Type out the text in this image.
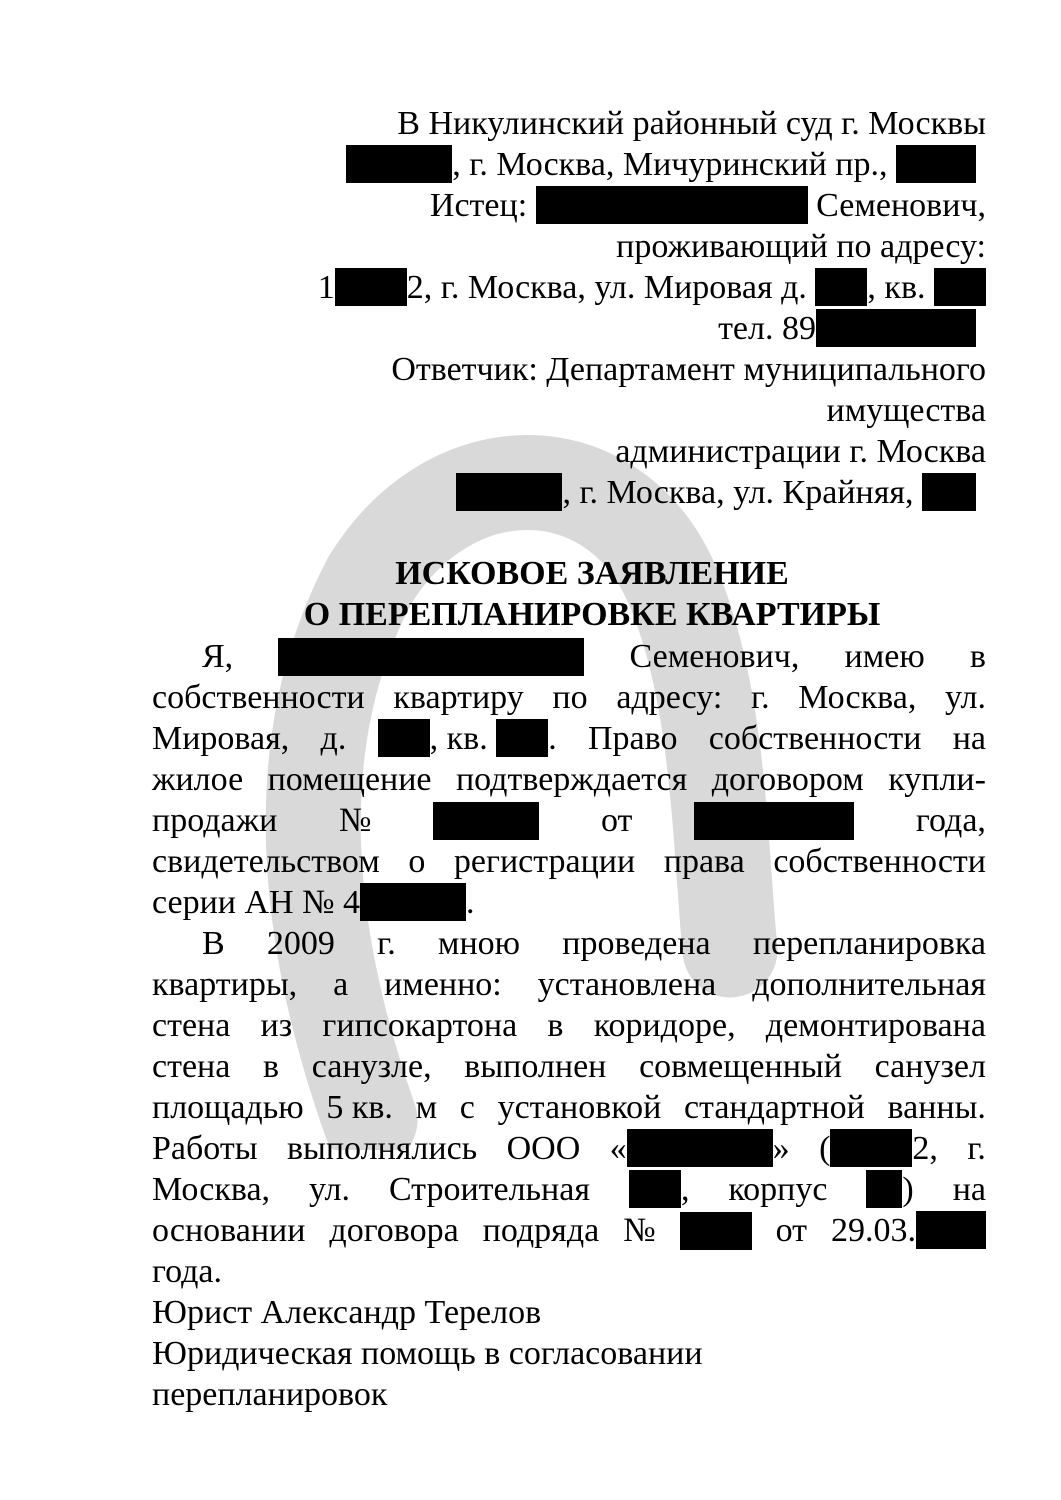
В Никулинский районный суд г. Москвы
, г. Москва, Мичуринский пр.,
Истец:	Семенович,
проживающий по адресу:
1 2, г. Москва, ул. Мировая д. , кв.
тел. 89
Ответчик: Департамент муниципального
имущества
администрации г. Москва
, г. Москва, ул. Крайняя,
ИСКОВОЕ ЗАЯВЛЕНИЕ
О ПЕРЕПЛАНИРОВКЕ КВАРТИРЫ
Я,	Семенович, имею в
собственности квартиру по адресу: г. Москва, ул.
Мировая, д.	, кв. . Право собственности на
жилое помещение подтверждается договором купли-
продажи №	от	года,
свидетельством о регистрации права собственности
серии АН № 4	.
В 2009 г. мною проведена перепланировка
квартиры, а именно: установлена дополнительная
стена из гипсокартона в коридоре, демонтирована
стена в санузле, выполнен совмещенный санузел
площадью 5 кв. м с установкой стандартной ванны.
Работы выполнялись ООО «	» ( 2, г.
Москва, ул. Строительная	, корпус	) на
основании договора подряда №	от 29.03.
года.
Юрист Александр Терелов
Юридическая помощь в согласовании
перепланировок
